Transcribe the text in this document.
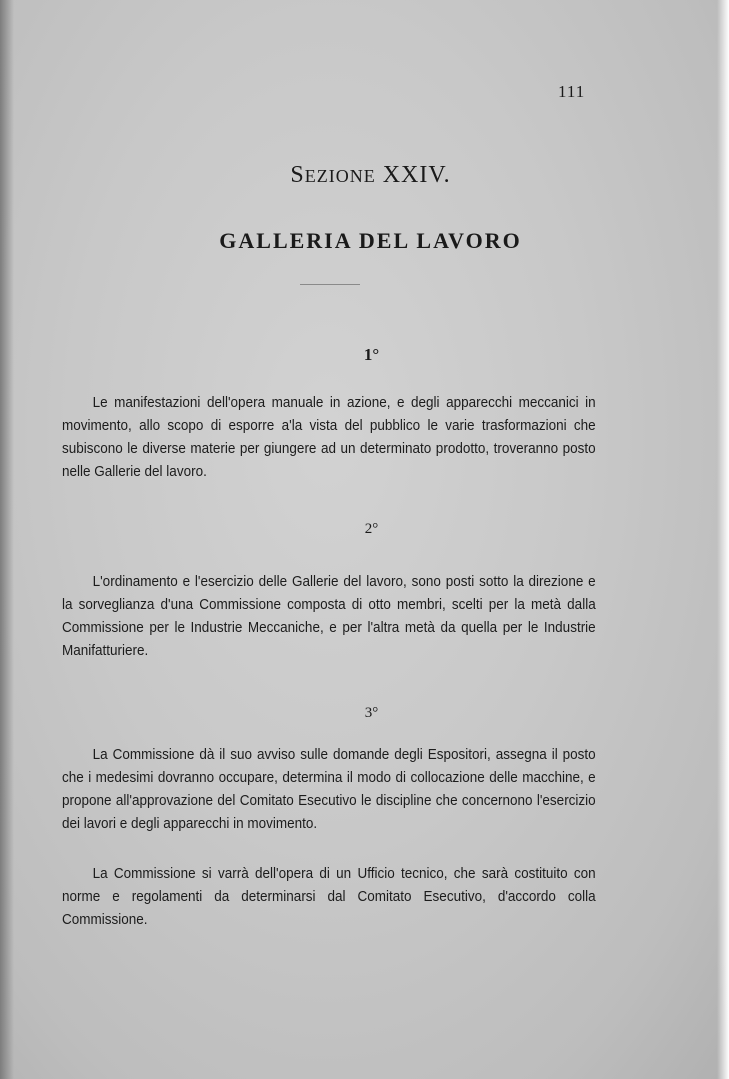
111
SEZIONE XXIV.
GALLERIA DEL LAVORO
1°
Le manifestazioni dell'opera manuale in azione, e degli apparecchi meccanici in movimento, allo scopo di esporre a'la vista del pubblico le varie trasformazioni che subiscono le diverse materie per giungere ad un determinato prodotto, troveranno posto nelle Gallerie del lavoro.
2°
L'ordinamento e l'esercizio delle Gallerie del lavoro, sono posti sotto la direzione e la sorveglianza d'una Commissione composta di otto membri, scelti per la metà dalla Commissione per le Industrie Meccaniche, e per l'altra metà da quella per le Industrie Manifatturiere.
3°
La Commissione dà il suo avviso sulle domande degli Espositori, assegna il posto che i medesimi dovranno occupare, determina il modo di collocazione delle macchine, e propone all'approvazione del Comitato Esecutivo le discipline che concernono l'esercizio dei lavori e degli apparecchi in movimento.
La Commissione si varrà dell'opera di un Ufficio tecnico, che sarà costituito con norme e regolamenti da determinarsi dal Comitato Esecutivo, d'accordo colla Commissione.
